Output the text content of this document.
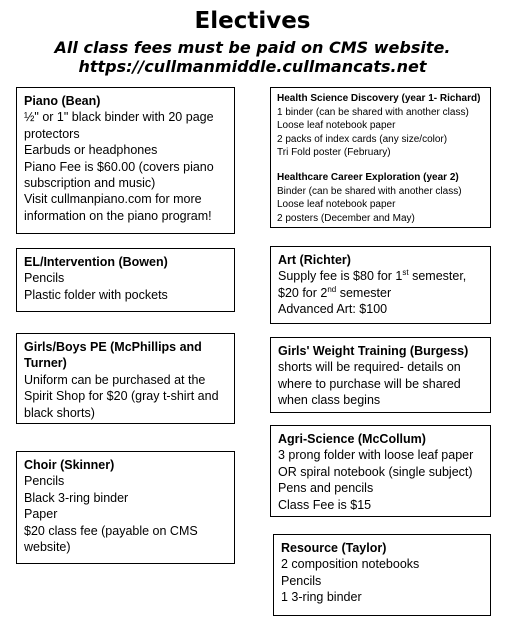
Electives
All class fees must be paid on CMS website.
https://cullmanmiddle.cullmancats.net
Piano (Bean)
½" or 1" black binder with 20 page protectors
Earbuds or headphones
Piano Fee is $60.00 (covers piano subscription and music)
Visit cullmanpiano.com for more information on the piano program!
Health Science Discovery (year 1- Richard)
1 binder (can be shared with another class)
Loose leaf notebook paper
2 packs of index cards (any size/color)
Tri Fold poster (February)
Healthcare Career Exploration (year 2)
Binder (can be shared with another class)
Loose leaf notebook paper
2 posters (December and May)
EL/Intervention (Bowen)
Pencils
Plastic folder with pockets
Art (Richter)
Supply fee is $80 for 1st semester,
$20 for 2nd semester
Advanced Art: $100
Girls/Boys PE (McPhillips and Turner)
Uniform can be purchased at the Spirit Shop for $20 (gray t-shirt and black shorts)
Girls' Weight Training (Burgess)
shorts will be required- details on where to purchase will be shared when class begins
Agri-Science (McCollum)
3 prong folder with loose leaf paper OR spiral notebook (single subject)
Pens and pencils
Class Fee is $15
Choir (Skinner)
Pencils
Black 3-ring binder
Paper
$20 class fee (payable on CMS website)	Resource (Taylor)
2 composition notebooks
Pencils
1 3-ring binder
